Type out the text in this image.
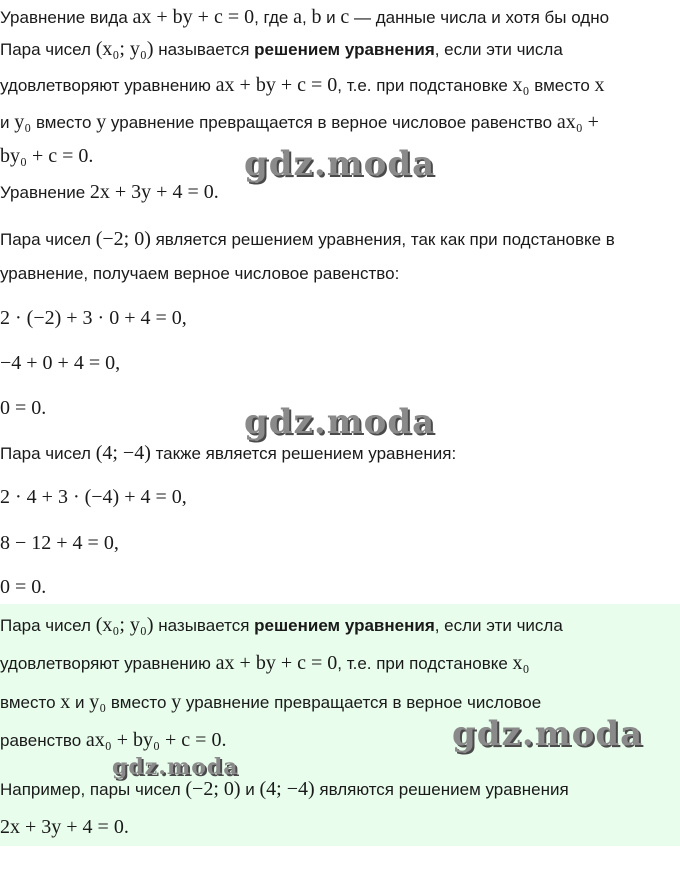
Уравнение вида ax + by + c = 0, где a, b и c — данные числа и хотя бы одно
Пара чисел (x₀; y₀) называется решением уравнения, если эти числа
удовлетворяют уравнению ax + by + c = 0, т.е. при подстановке x₀ вместо x
и y₀ вместо y уравнение превращается в верное числовое равенство ax₀ +
by₀ + c = 0.
Уравнение 2x + 3y + 4 = 0.
Пара чисел (−2; 0) является решением уравнения, так как при подстановке в
уравнение, получаем верное числовое равенство:
2 · (−2) + 3 · 0 + 4 = 0,
−4 + 0 + 4 = 0,
0 = 0.
Пара чисел (4; −4) также является решением уравнения:
2 · 4 + 3 · (−4) + 4 = 0,
8 − 12 + 4 = 0,
0 = 0.
Пара чисел (x₀; y₀) называется решением уравнения, если эти числа
удовлетворяют уравнению ax + by + c = 0, т.е. при подстановке x₀
вместо x и y₀ вместо y уравнение превращается в верное числовое
равенство ax₀ + by₀ + c = 0.
Например, пары чисел (−2; 0) и (4; −4) являются решением уравнения
2x + 3y + 4 = 0.
gdz.moda
gdz.moda
gdz.moda
gdz.moda
